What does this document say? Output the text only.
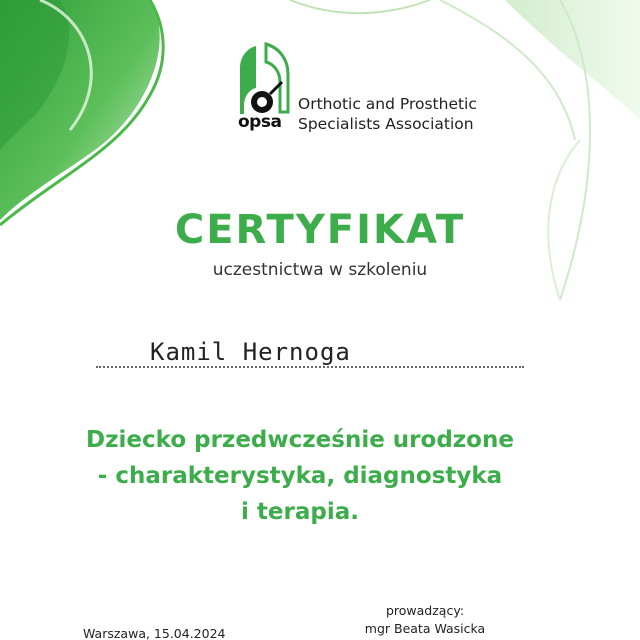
opsa
Orthotic and Prosthetic
Specialists Association
CERTYFIKAT
uczestnictwa w szkoleniu
Kamil Hernoga
Dziecko przedwcześnie urodzone
- charakterystyka, diagnostyka
i terapia.
Warszawa, 15.04.2024
prowadzący:
mgr Beata Wasicka
